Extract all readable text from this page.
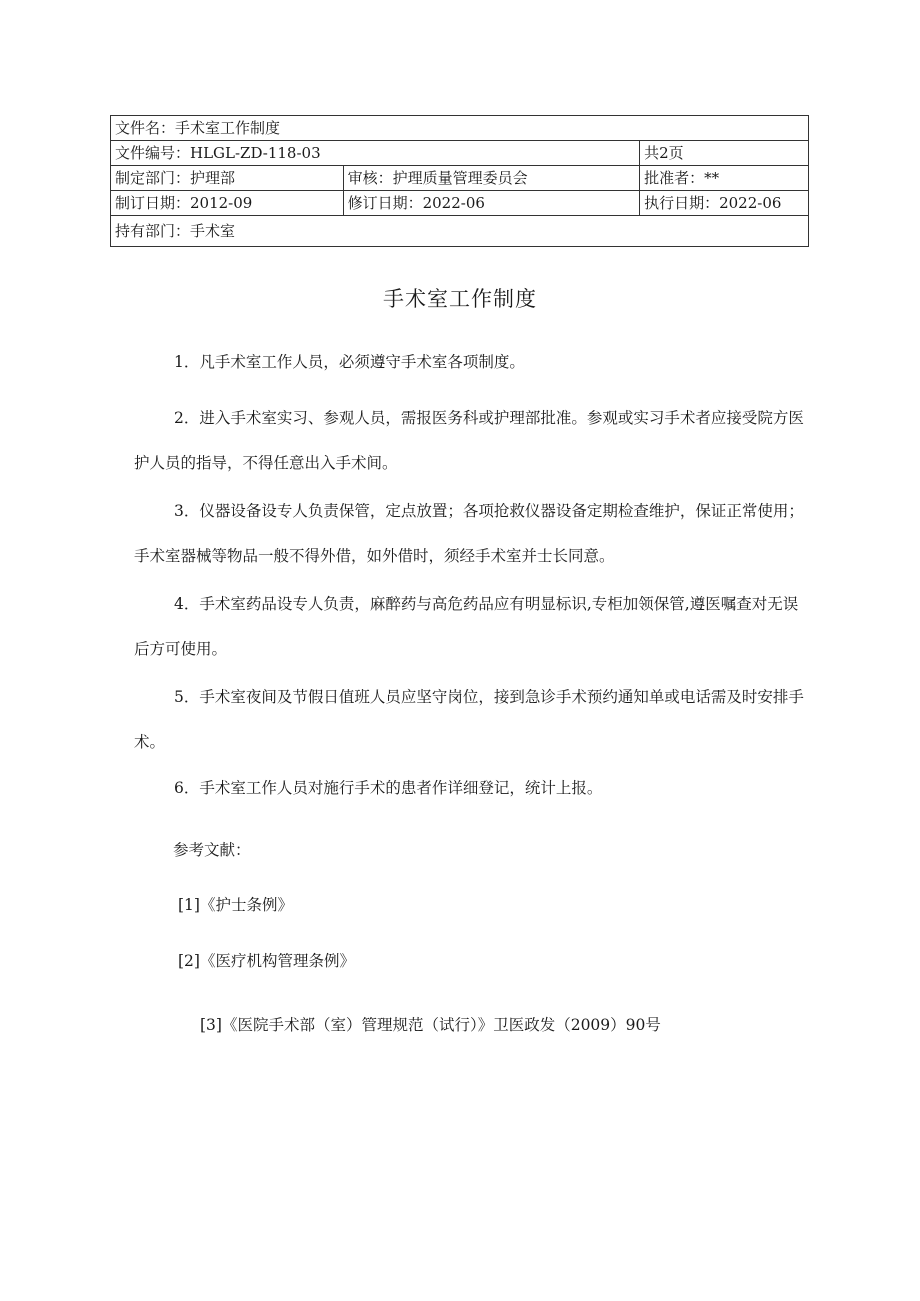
文件名：手术室工作制度		
文件编号：HLGL-ZD-118-03		共2页
制定部门：护理部	审核：护理质量管理委员会	批准者：**
制订日期：2012-09	修订日期：2022-06	执行日期：2022-06
持有部门：手术室		
手术室工作制度

1．凡手术室工作人员，必须遵守手术室各项制度。

2．进入手术室实习、参观人员，需报医务科或护理部批准。参观或实习手术者应接受院方医护人员的指导，不得任意出入手术间。

3．仪器设备设专人负责保管，定点放置；各项抢救仪器设备定期检查维护，保证正常使用；手术室器械等物品一般不得外借，如外借时，须经手术室并士长同意。

4．手术室药品设专人负责，麻醉药与高危药品应有明显标识,专柜加领保管,遵医嘱查对无误后方可使用。

5．手术室夜间及节假日值班人员应坚守岗位，接到急诊手术预约通知单或电话需及时安排手术。

6．手术室工作人员对施行手术的患者作详细登记，统计上报。

参考文献：
[1]《护士条例》
[2]《医疗机构管理条例》
[3]《医院手术部（室）管理规范（试行）》卫医政发（2009）90号
